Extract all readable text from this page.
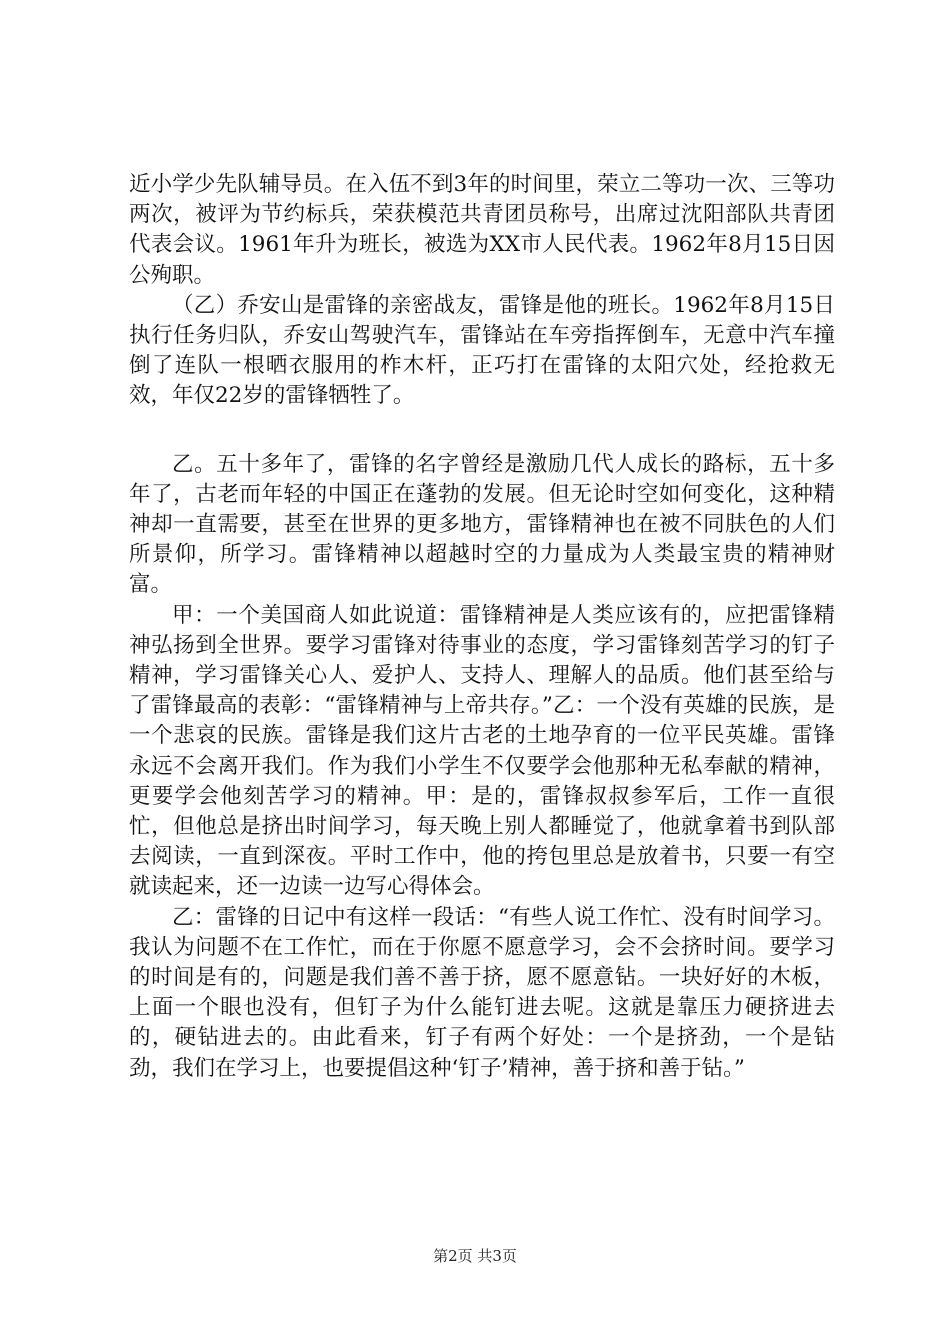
近小学少先队辅导员。在入伍不到3年的时间里，荣立二等功一次、三等功两次，被评为节约标兵，荣获模范共青团员称号，出席过沈阳部队共青团代表会议。1961年升为班长，被选为XX市人民代表。1962年8月15日因公殉职。

（乙）乔安山是雷锋的亲密战友，雷锋是他的班长。1962年8月15日执行任务归队，乔安山驾驶汽车，雷锋站在车旁指挥倒车，无意中汽车撞倒了连队一根晒衣服用的柞木杆，正巧打在雷锋的太阳穴处，经抢救无效，年仅22岁的雷锋牺牲了。

乙。五十多年了，雷锋的名字曾经是激励几代人成长的路标，五十多年了，古老而年轻的中国正在蓬勃的发展。但无论时空如何变化，这种精神却一直需要，甚至在世界的更多地方，雷锋精神也在被不同肤色的人们所景仰，所学习。雷锋精神以超越时空的力量成为人类最宝贵的精神财富。

甲：一个美国商人如此说道：雷锋精神是人类应该有的，应把雷锋精神弘扬到全世界。要学习雷锋对待事业的态度，学习雷锋刻苦学习的钉子精神，学习雷锋关心人、爱护人、支持人、理解人的品质。他们甚至给与了雷锋最高的表彰：“雷锋精神与上帝共存。”乙：一个没有英雄的民族，是一个悲哀的民族。雷锋是我们这片古老的土地孕育的一位平民英雄。雷锋永远不会离开我们。作为我们小学生不仅要学会他那种无私奉献的精神，更要学会他刻苦学习的精神。甲：是的，雷锋叔叔参军后，工作一直很忙，但他总是挤出时间学习，每天晚上别人都睡觉了，他就拿着书到队部去阅读，一直到深夜。平时工作中，他的挎包里总是放着书，只要一有空就读起来，还一边读一边写心得体会。

乙：雷锋的日记中有这样一段话：“有些人说工作忙、没有时间学习。我认为问题不在工作忙，而在于你愿不愿意学习，会不会挤时间。要学习的时间是有的，问题是我们善不善于挤，愿不愿意钻。一块好好的木板，上面一个眼也没有，但钉子为什么能钉进去呢。这就是靠压力硬挤进去的，硬钻进去的。由此看来，钉子有两个好处：一个是挤劲，一个是钻劲，我们在学习上，也要提倡这种‘钉子’精神，善于挤和善于钻。”

第2页 共3页
